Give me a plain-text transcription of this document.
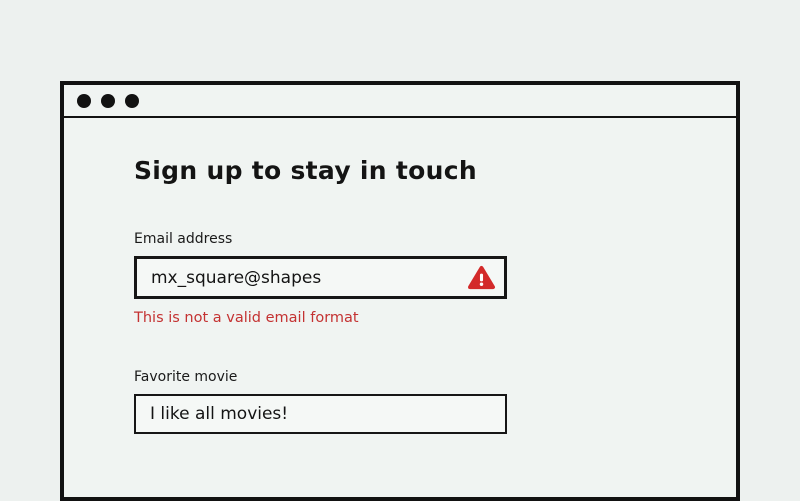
Sign up to stay in touch
Email address
mx_square@shapes
This is not a valid email format
Favorite movie
I like all movies!
